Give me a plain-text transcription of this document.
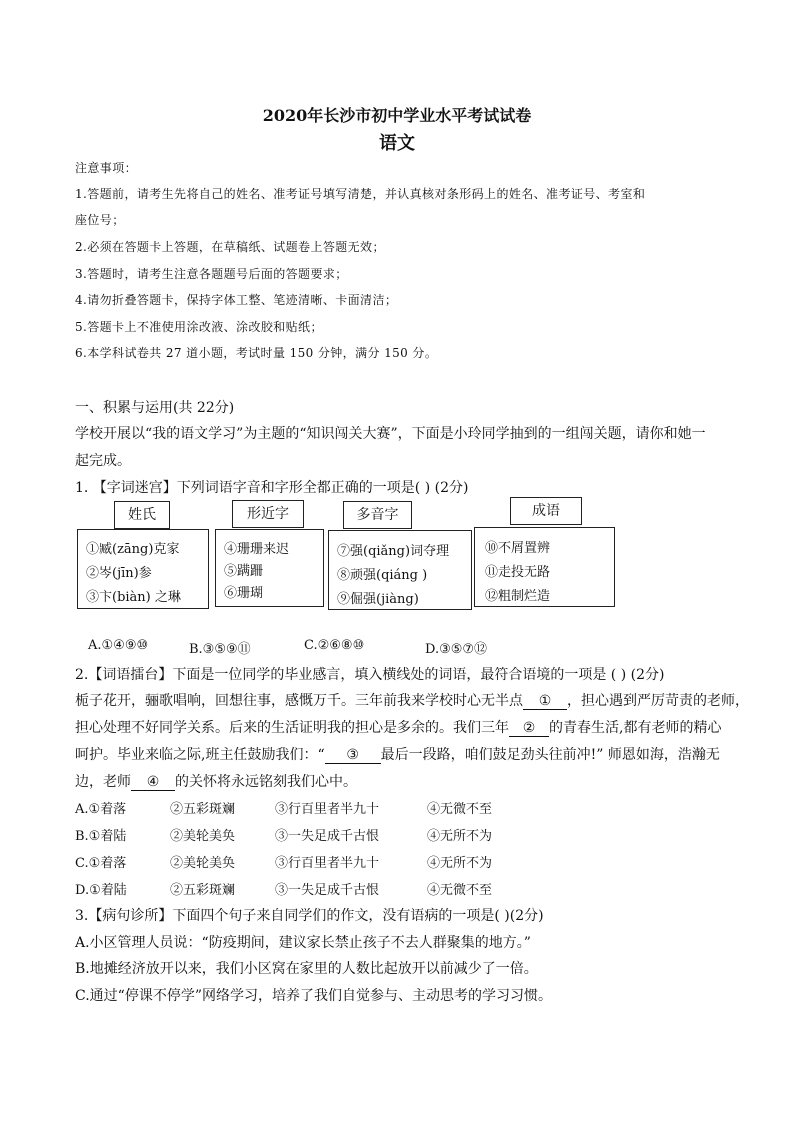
2020年长沙市初中学业水平考试试卷
语文
注意事项：
1.答题前，请考生先将自己的姓名、准考证号填写清楚，并认真核对条形码上的姓名、准考证号、考室和
座位号；
2.必须在答题卡上答题，在草稿纸、试题卷上答题无效；
3.答题时，请考生注意各题题号后面的答题要求；
4.请勿折叠答题卡，保持字体工整、笔迹清晰、卡面清洁；
5.答题卡上不准使用涂改液、涂改胶和贴纸；
6.本学科试卷共 27 道小题，考试时量 150 分钟，满分 150 分。
一、积累与运用(共 22分)
学校开展以“我的语文学习”为主题的“知识闯关大赛”，下面是小玲同学抽到的一组闯关题，请你和她一
起完成。
1. 【字词迷宫】下列词语字音和字形全都正确的一项是( ) (2分)
姓氏
①臧(zāng)克家
②岑(jīn)参
③卞(biàn) 之琳
形近字
④珊珊来迟
⑤蹒跚
⑥珊瑚
多音字
⑦强(qiǎng)词夺理
⑧顽强(qiáng )
⑨倔强(jiàng)
成语
⑩不屑置辨
⑪走投无路
⑫粗制烂造
A.①④⑨⑩	B.③⑤⑨⑪	C.②⑥⑧⑩	D.③⑤⑦⑫
2.【词语擂台】下面是一位同学的毕业感言，填入横线处的词语，最符合语境的一项是 ( ) (2分)
栀子花开，骊歌唱响，回想往事，感慨万千。三年前我来学校时心无半点 ① ，担心遇到严厉苛责的老师，
担心处理不好同学关系。后来的生活证明我的担心是多余的。我们三年 ② 的青春生活,都有老师的精心
呵护。毕业来临之际,班主任鼓励我们：“ ③ 最后一段路，咱们鼓足劲头往前冲!” 师恩如海，浩瀚无
边，老师 ④ 的关怀将永远铭刻我们心中。
A.①着落	②五彩斑斓	③行百里者半九十	④无微不至
B.①着陆	②美轮美奂	③一失足成千古恨	④无所不为
C.①着落	②美轮美奂	③行百里者半九十	④无所不为
D.①着陆	②五彩斑斓	③一失足成千古恨	④无微不至
3.【病句诊所】下面四个句子来自同学们的作文，没有语病的一项是( )(2分)
A.小区管理人员说：“防疫期间，建议家长禁止孩子不去人群聚集的地方。”
B.地摊经济放开以来，我们小区窝在家里的人数比起放开以前减少了一倍。
C.通过“停课不停学”网络学习，培养了我们自觉参与、主动思考的学习习惯。
